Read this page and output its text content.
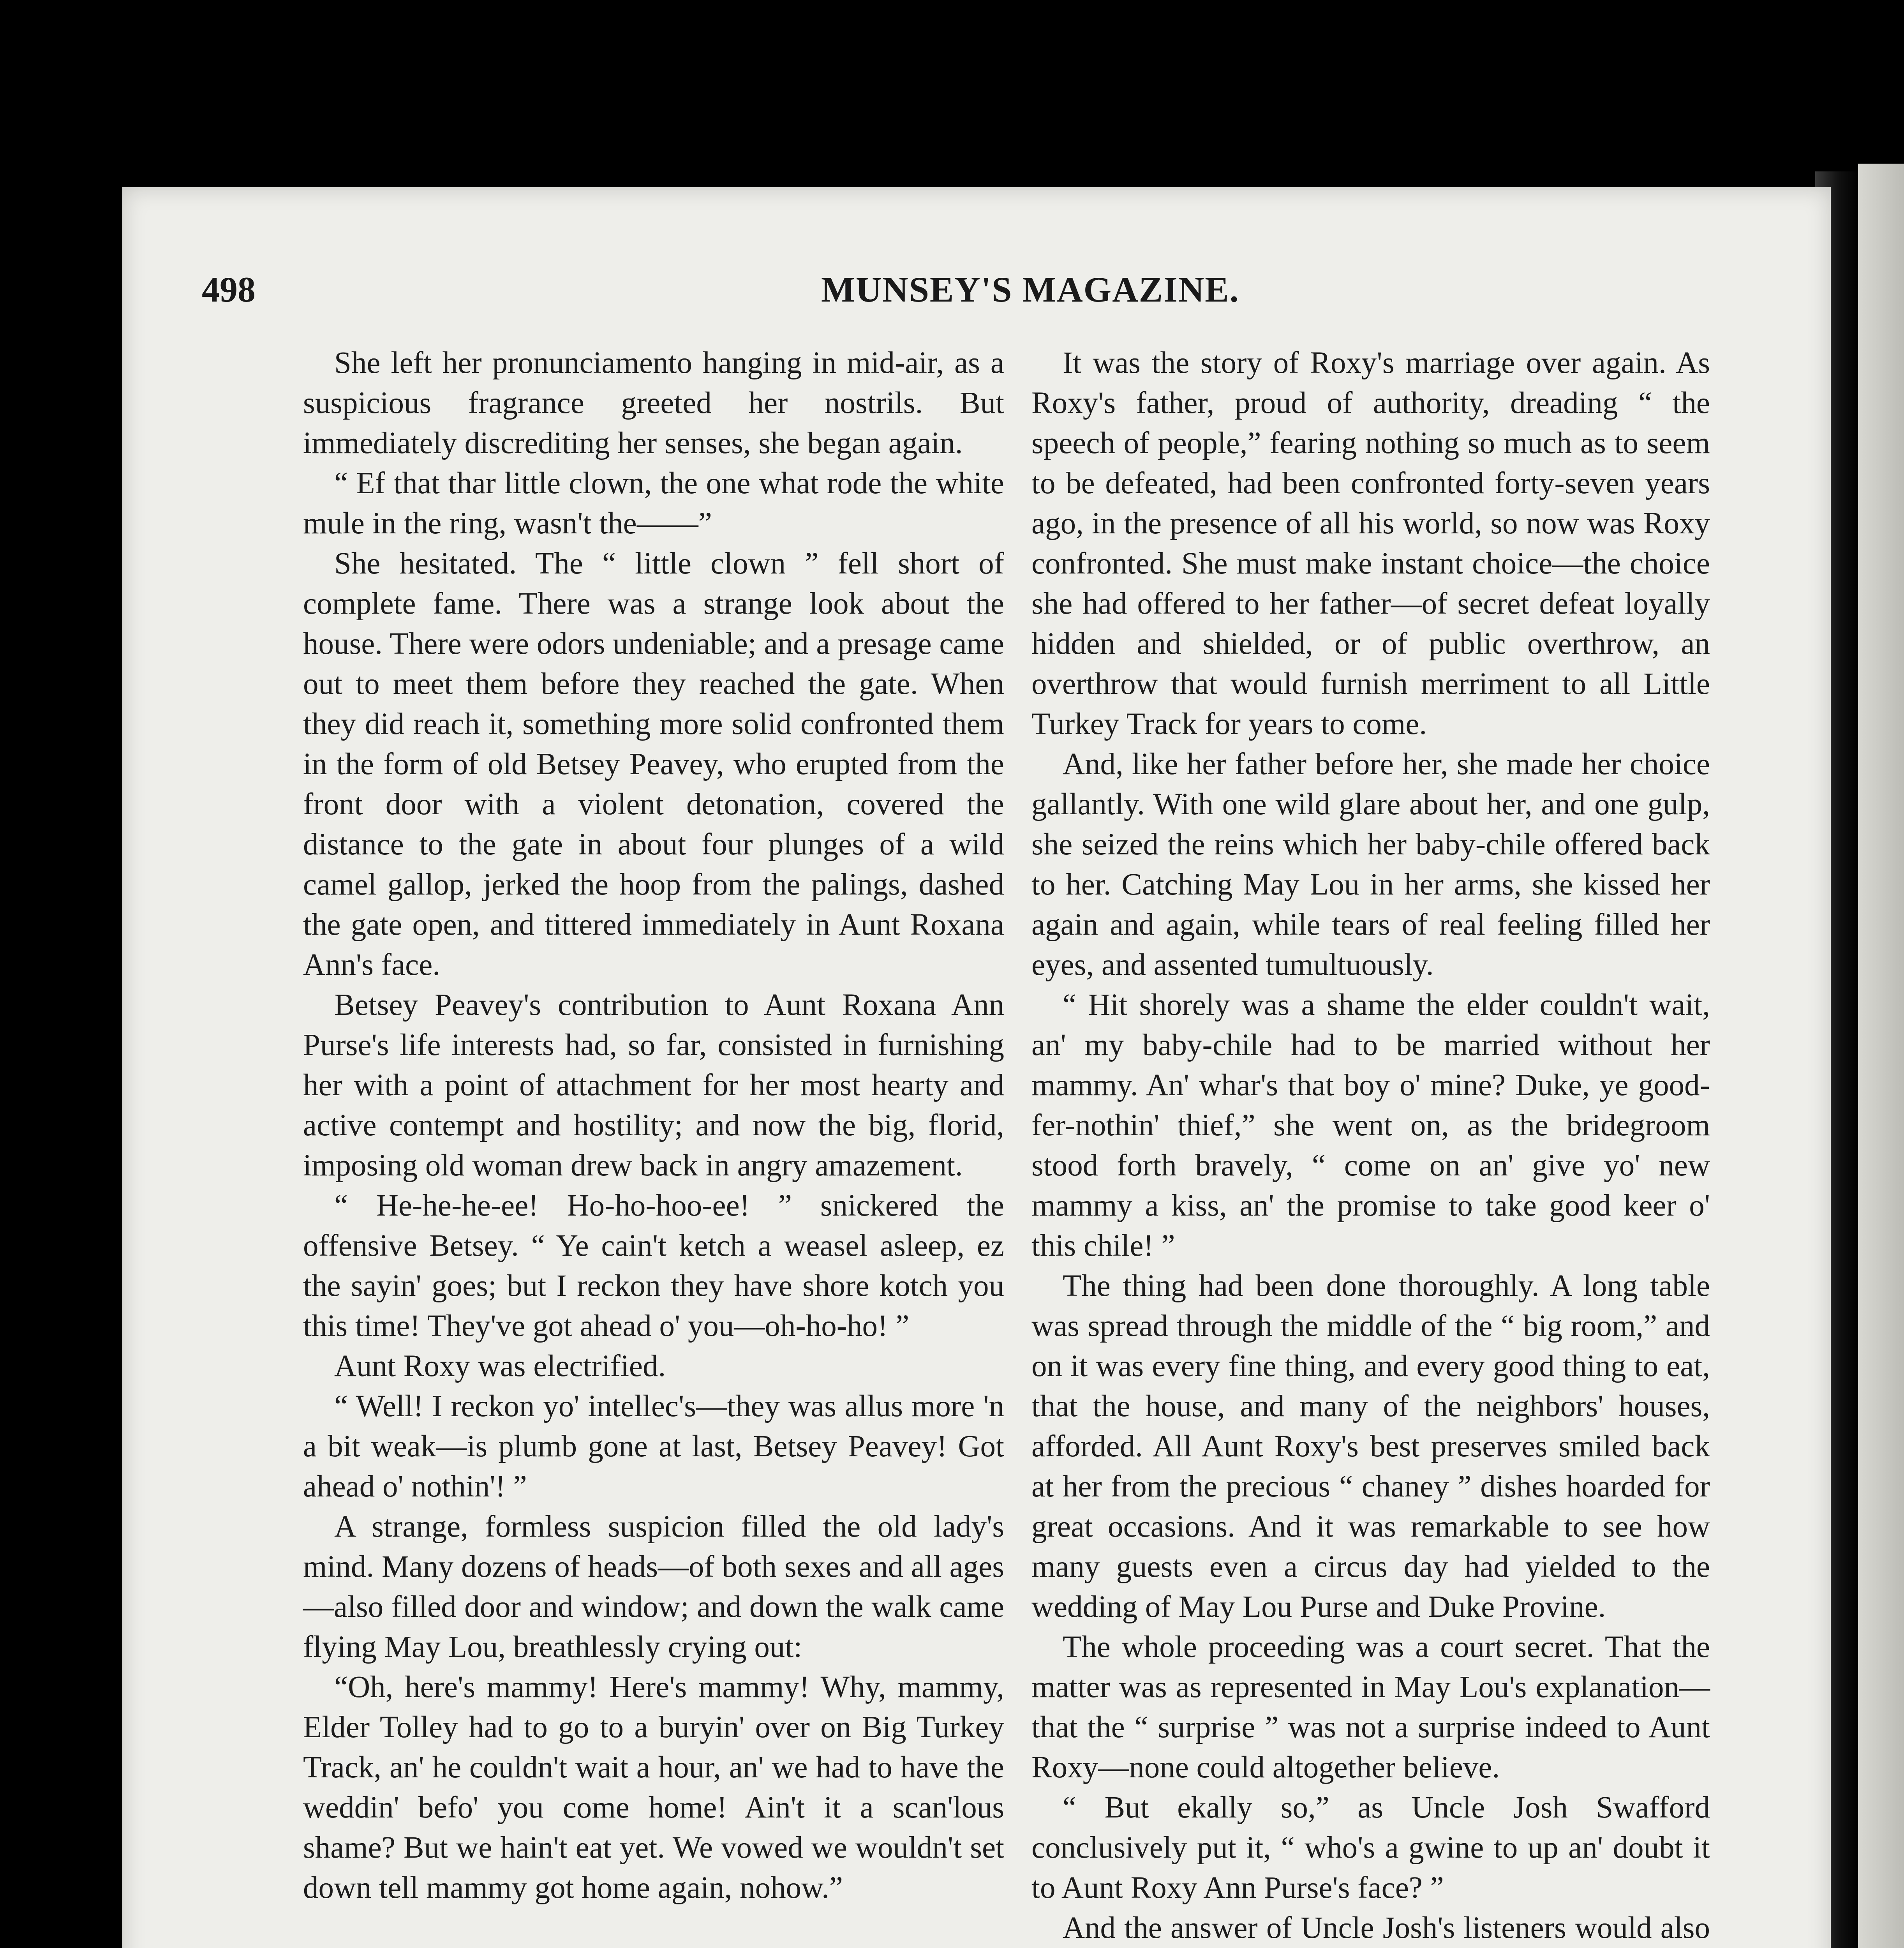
498	MUNSEY'S MAGAZINE.

She left her pronunciamento hanging in mid-air, as a suspicious fragrance greeted her nostrils. But immediately discrediting her senses, she began again.

“ Ef that thar little clown, the one what rode the white mule in the ring, wasn't the——”

She hesitated. The “ little clown ” fell short of complete fame. There was a strange look about the house. There were odors undeniable; and a presage came out to meet them before they reached the gate. When they did reach it, something more solid confronted them in the form of old Betsey Peavey, who erupted from the front door with a violent detonation, covered the distance to the gate in about four plunges of a wild camel gallop, jerked the hoop from the palings, dashed the gate open, and tittered immediately in Aunt Roxana Ann's face.

Betsey Peavey's contribution to Aunt Roxana Ann Purse's life interests had, so far, consisted in furnishing her with a point of attachment for her most hearty and active contempt and hostility; and now the big, florid, imposing old woman drew back in angry amazement.

“ He-he-he-ee! Ho-ho-hoo-ee! ” snickered the offensive Betsey. “ Ye cain't ketch a weasel asleep, ez the sayin' goes; but I reckon they have shore kotch you this time! They've got ahead o' you—oh-ho-ho! ”

Aunt Roxy was electrified.

“ Well! I reckon yo' intellec's—they was allus more 'n a bit weak—is plumb gone at last, Betsey Peavey! Got ahead o' nothin'! ”

A strange, formless suspicion filled the old lady's mind. Many dozens of heads—of both sexes and all ages—also filled door and window; and down the walk came flying May Lou, breathlessly crying out:

“Oh, here's mammy! Here's mammy! Why, mammy, Elder Tolley had to go to a buryin' over on Big Turkey Track, an' he couldn't wait a hour, an' we had to have the weddin' befo' you come home! Ain't it a scan'lous shame? But we hain't eat yet. We vowed we wouldn't set down tell mammy got home again, nohow.”

It was the story of Roxy's marriage over again. As Roxy's father, proud of authority, dreading “ the speech of people,” fearing nothing so much as to seem to be defeated, had been confronted forty-seven years ago, in the presence of all his world, so now was Roxy confronted. She must make instant choice—the choice she had offered to her father—of secret defeat loyally hidden and shielded, or of public overthrow, an overthrow that would furnish merriment to all Little Turkey Track for years to come.

And, like her father before her, she made her choice gallantly. With one wild glare about her, and one gulp, she seized the reins which her baby-chile offered back to her. Catching May Lou in her arms, she kissed her again and again, while tears of real feeling filled her eyes, and assented tumultuously.

“ Hit shorely was a shame the elder couldn't wait, an' my baby-chile had to be married without her mammy. An' whar's that boy o' mine? Duke, ye good-fer-nothin' thief,” she went on, as the bridegroom stood forth bravely, “ come on an' give yo' new mammy a kiss, an' the promise to take good keer o' this chile! ”

The thing had been done thoroughly. A long table was spread through the middle of the “ big room,” and on it was every fine thing, and every good thing to eat, that the house, and many of the neighbors' houses, afforded. All Aunt Roxy's best preserves smiled back at her from the precious “ chaney ” dishes hoarded for great occasions. And it was remarkable to see how many guests even a circus day had yielded to the wedding of May Lou Purse and Duke Provine.

The whole proceeding was a court secret. That the matter was as represented in May Lou's explanation—that the “ surprise ” was not a surprise indeed to Aunt Roxy—none could altogether believe.

“ But ekally so,” as Uncle Josh Swafford conclusively put it, “ who's a gwine to up an' doubt it to Aunt Roxy Ann Purse's face? ”

And the answer of Uncle Josh's listeners would also
